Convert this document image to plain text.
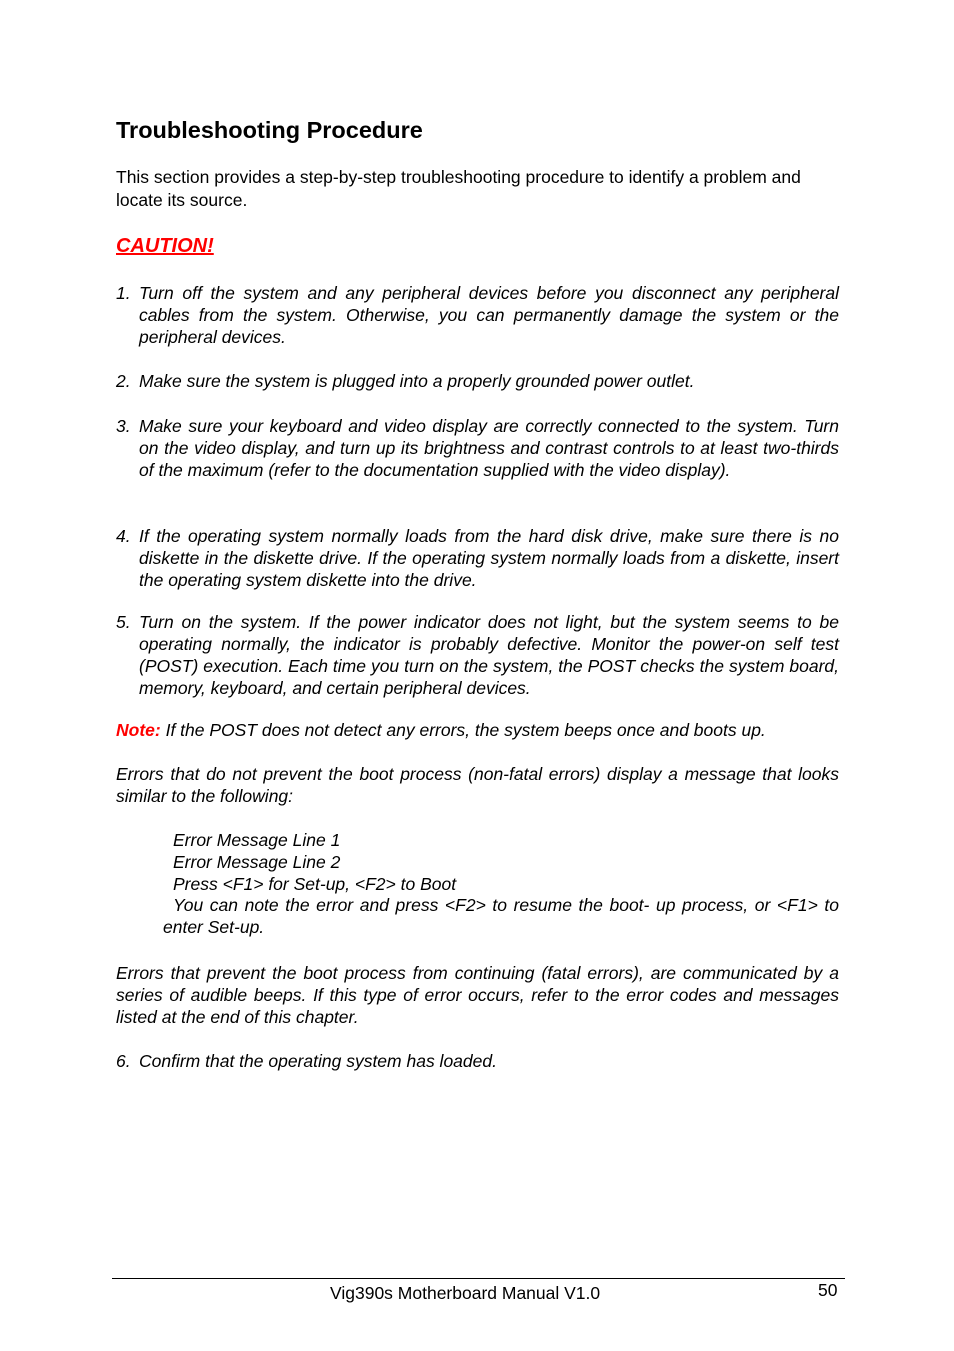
Troubleshooting Procedure

This section provides a step-by-step troubleshooting procedure to identify a problem and locate its source.

CAUTION!

1. Turn off the system and any peripheral devices before you disconnect any peripheral cables from the system. Otherwise, you can permanently damage the system or the peripheral devices.
2. Make sure the system is plugged into a properly grounded power outlet.
3. Make sure your keyboard and video display are correctly connected to the system. Turn on the video display, and turn up its brightness and contrast controls to at least two-thirds of the maximum (refer to the documentation supplied with the video display).
4. If the operating system normally loads from the hard disk drive, make sure there is no diskette in the diskette drive. If the operating system normally loads from a diskette, insert the operating system diskette into the drive.
5. Turn on the system. If the power indicator does not light, but the system seems to be operating normally, the indicator is probably defective. Monitor the power-on self test (POST) execution. Each time you turn on the system, the POST checks the system board, memory, keyboard, and certain peripheral devices.
Note: If the POST does not detect any errors, the system beeps once and boots up.
Errors that do not prevent the boot process (non-fatal errors) display a message that looks similar to the following:
Error Message Line 1
Error Message Line 2
Press <F1> for Set-up, <F2> to Boot
You can note the error and press <F2> to resume the boot- up process, or <F1> to enter Set-up.
Errors that prevent the boot process from continuing (fatal errors), are communicated by a series of audible beeps. If this type of error occurs, refer to the error codes and messages listed at the end of this chapter.
6. Confirm that the operating system has loaded.
Vig390s Motherboard Manual V1.0	50
